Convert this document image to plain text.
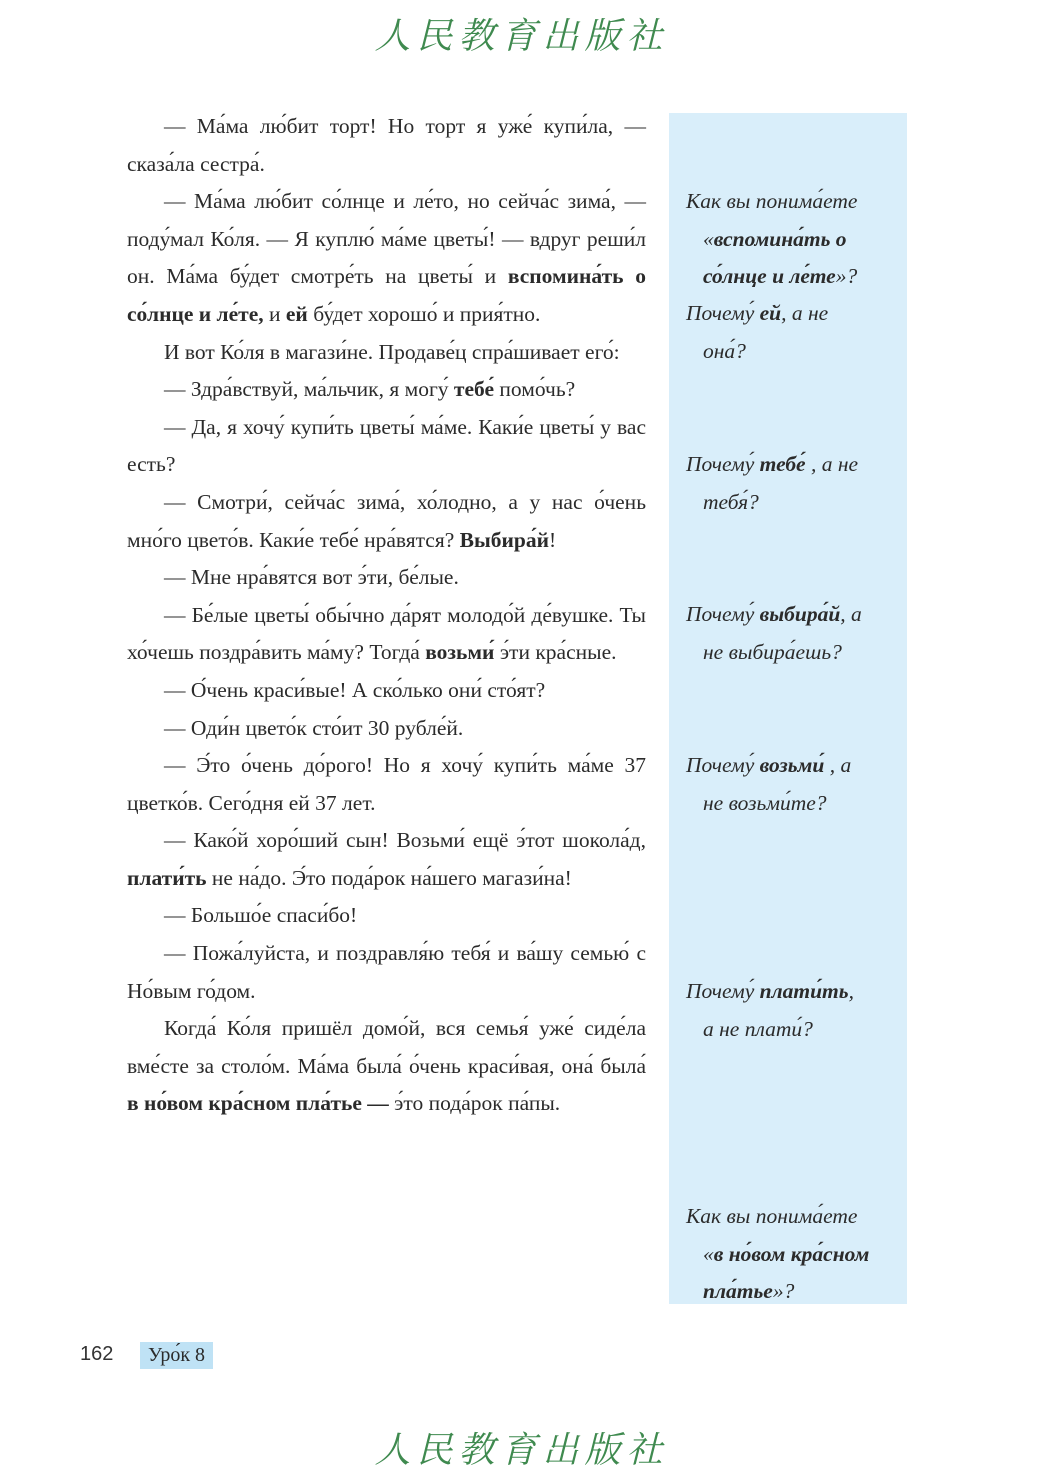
人民教育出版社

— Ма́ма лю́бит торт! Но торт я уже́ купи́ла, — сказа́ла сестра́.

— Ма́ма лю́бит со́лнце и ле́то, но сейча́с зима́, — поду́мал Ко́ля. — Я куплю́ ма́ме цветы́! — вдруг реши́л он. Ма́ма бу́дет смотре́ть на цветы́ и вспомина́ть о со́лнце и ле́те, и ей бу́дет хорошо́ и прия́тно.

И вот Ко́ля в магази́не. Продаве́ц спра́шивает его́:

— Здра́вствуй, ма́льчик, я могу́ тебе́ помо́чь?

— Да, я хочу́ купи́ть цветы́ ма́ме. Каки́е цветы́ у вас есть?

— Смотри́, сейча́с зима́, хо́лодно, а у нас о́чень мно́го цвето́в. Каки́е тебе́ нра́вятся? Выбира́й!

— Мне нра́вятся вот э́ти, бе́лые.

— Бе́лые цветы́ обы́чно да́рят молодо́й де́вушке. Ты хо́чешь поздра́вить ма́му? Тогда́ возьми́ э́ти кра́сные.

— О́чень краси́вые! А ско́лько они́ сто́ят?

— Оди́н цвето́к сто́ит 30 рубле́й.

— Э́то о́чень до́рого! Но я хочу́ купи́ть ма́ме 37 цветко́в. Сего́дня ей 37 лет.

— Како́й хоро́ший сын! Возьми́ ещё э́тот шокола́д, плати́ть не на́до. Э́то пода́рок на́шего магази́на!

— Большо́е спаси́бо!

— Пожа́луйста, и поздравля́ю тебя́ и ва́шу семью́ с Но́вым го́дом.

Когда́ Ко́ля пришёл домо́й, вся семья́ уже́ сиде́ла вме́сте за столо́м. Ма́ма была́ о́чень краси́вая, она́ была́ в но́вом кра́сном пла́тье — э́то пода́рок па́пы.

Как вы понима́ете
«вспомина́ть о со́лнце и ле́те»?
Почему́ ей, а не
она́?
Почему́ тебе́ , а не
тебя́?
Почему́ выбира́й, а
не выбира́ешь?
Почему́ возьми́ , а
не возьми́те?
Почему́ плати́ть,
а не плати́?
Как вы понима́ете
«в но́вом кра́сном пла́тье»?
162	Уро́к 8
人民教育出版社
